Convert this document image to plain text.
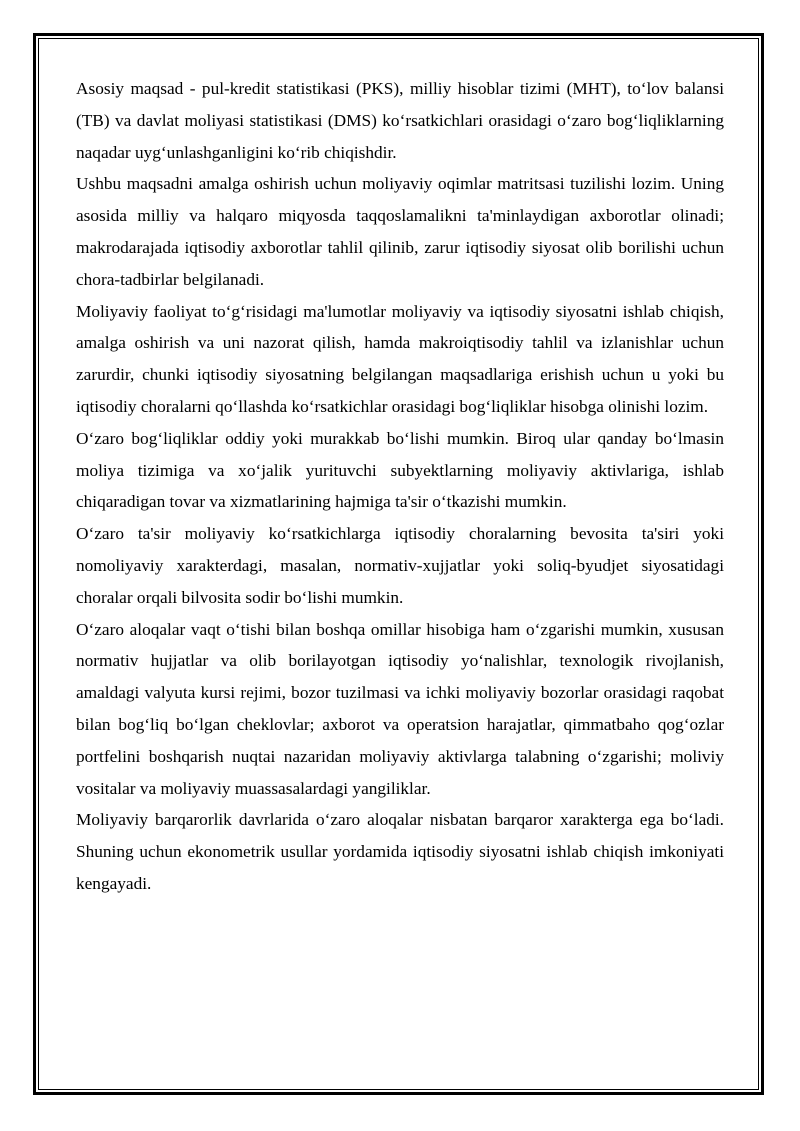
Asosiy maqsad - pul-kredit statistikasi (PKS), milliy hisoblar tizimi (MHT), to‘lov balansi (TB) va davlat moliyasi statistikasi (DMS) ko‘rsatkichlari orasidagi o‘zaro bog‘liqliklarning naqadar uyg‘unlashganligini ko‘rib chiqishdir.

Ushbu maqsadni amalga oshirish uchun moliyaviy oqimlar matritsasi tuzilishi lozim. Uning asosida milliy va halqaro miqyosda taqqoslamalikni ta'minlaydigan axborotlar olinadi; makrodarajada iqtisodiy axborotlar tahlil qilinib, zarur iqtisodiy siyosat olib borilishi uchun chora-tadbirlar belgilanadi.

Moliyaviy faoliyat to‘g‘risidagi ma'lumotlar moliyaviy va iqtisodiy siyosatni ishlab chiqish, amalga oshirish va uni nazorat qilish, hamda makroiqtisodiy tahlil va izlanishlar uchun zarurdir, chunki iqtisodiy siyosatning belgilangan maqsadlariga erishish uchun u yoki bu iqtisodiy choralarni qo‘llashda ko‘rsatkichlar orasidagi bog‘liqliklar hisobga olinishi lozim.

O‘zaro bog‘liqliklar oddiy yoki murakkab bo‘lishi mumkin. Biroq ular qanday bo‘lmasin moliya tizimiga va xo‘jalik yurituvchi subyektlarning moliyaviy aktivlariga, ishlab chiqaradigan tovar va xizmatlarining hajmiga ta'sir o‘tkazishi mumkin.

O‘zaro ta'sir moliyaviy ko‘rsatkichlarga iqtisodiy choralarning bevosita ta'siri yoki nomoliyaviy xarakterdagi, masalan, normativ-xujjatlar yoki soliq-byudjet siyosatidagi choralar orqali bilvosita sodir bo‘lishi mumkin.

O‘zaro aloqalar vaqt o‘tishi bilan boshqa omillar hisobiga ham o‘zgarishi mumkin, xususan normativ hujjatlar va olib borilayotgan iqtisodiy yo‘nalishlar, texnologik rivojlanish, amaldagi valyuta kursi rejimi, bozor tuzilmasi va ichki moliyaviy bozorlar orasidagi raqobat bilan bog‘liq bo‘lgan cheklovlar; axborot va operatsion harajatlar, qimmatbaho qog‘ozlar portfelini boshqarish nuqtai nazaridan moliyaviy aktivlarga talabning o‘zgarishi; moliviy vositalar va moliyaviy muassasalardagi yangiliklar.

Moliyaviy barqarorlik davrlarida o‘zaro aloqalar nisbatan barqaror xarakterga ega bo‘ladi. Shuning uchun ekonometrik usullar yordamida iqtisodiy siyosatni ishlab chiqish imkoniyati kengayadi.
